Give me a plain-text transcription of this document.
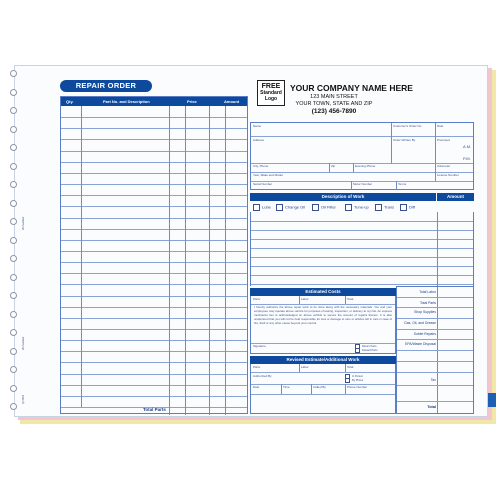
2D-Number
2D-Number
Q72501
REPAIR ORDER
Qty.	Part No. and Description	Price	Amount
Total Parts
FREE
Standard
Logo
YOUR COMPANY NAME HERE
123 MAIN STREET
YOUR TOWN, STATE AND ZIP
(123) 456-7890
Name	Customer's Order No.	Date
Address	Order Written By	Promised
A.M.
P.M.
City, Phone	Zip	Evening Phone	Odometer
Year, Make and Model	License Number
Serial Number	Motor Number	Terms
Description of Work	Amount
Lube	Change Oil	Oil Filter	Tune-up	Trans	Diff
Estimated Costs
Parts	Labor	Total
I hereby authorize the above repair work to be done along with the necessary materials. You and your employees may operate above vehicle for purposes of testing, inspection, or delivery at my risk. An express mechanics lien is acknowledged on above vehicle to secure the amount of repairs thereto. It is also understood that you will not be held responsible for loss or damage to cars or articles left in cars in case of fire, theft or any other cause beyond your control.
Signature	Return Parts
Discard Parts
Revised Estimate/Additional Work
Parts	Labor	Total
Authorized By	In Person
By Phone
Date	Time	Called By	Phone Number
Total Labor
Total Parts
Shop Supplies
Gas, Oil, and Grease
Sublet Repairs
EPA/Waste Disposal
Tax
Total
